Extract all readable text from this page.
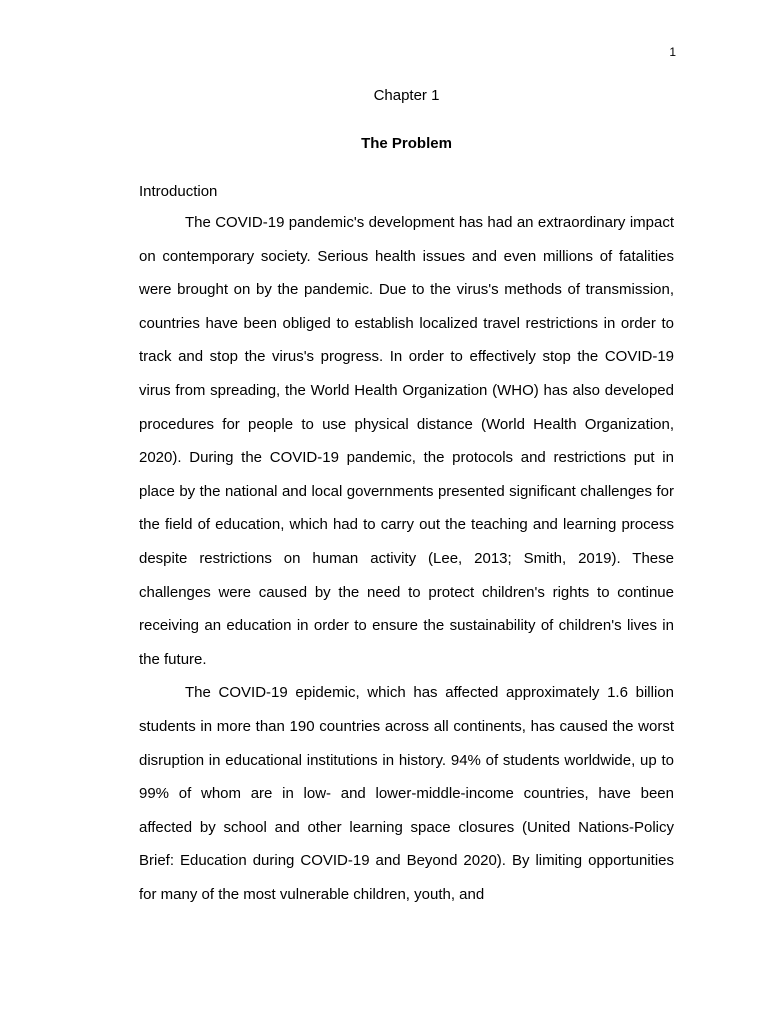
1
Chapter 1
The Problem
Introduction

The COVID-19 pandemic's development has had an extraordinary impact on contemporary society. Serious health issues and even millions of fatalities were brought on by the pandemic. Due to the virus's methods of transmission, countries have been obliged to establish localized travel restrictions in order to track and stop the virus's progress. In order to effectively stop the COVID-19 virus from spreading, the World Health Organization (WHO) has also developed procedures for people to use physical distance (World Health Organization, 2020). During the COVID-19 pandemic, the protocols and restrictions put in place by the national and local governments presented significant challenges for the field of education, which had to carry out the teaching and learning process despite restrictions on human activity (Lee, 2013; Smith, 2019). These challenges were caused by the need to protect children's rights to continue receiving an education in order to ensure the sustainability of children's lives in the future.

The COVID-19 epidemic, which has affected approximately 1.6 billion students in more than 190 countries across all continents, has caused the worst disruption in educational institutions in history. 94% of students worldwide, up to 99% of whom are in low- and lower-middle-income countries, have been affected by school and other learning space closures (United Nations-Policy Brief: Education during COVID-19 and Beyond 2020). By limiting opportunities for many of the most vulnerable children, youth, and
